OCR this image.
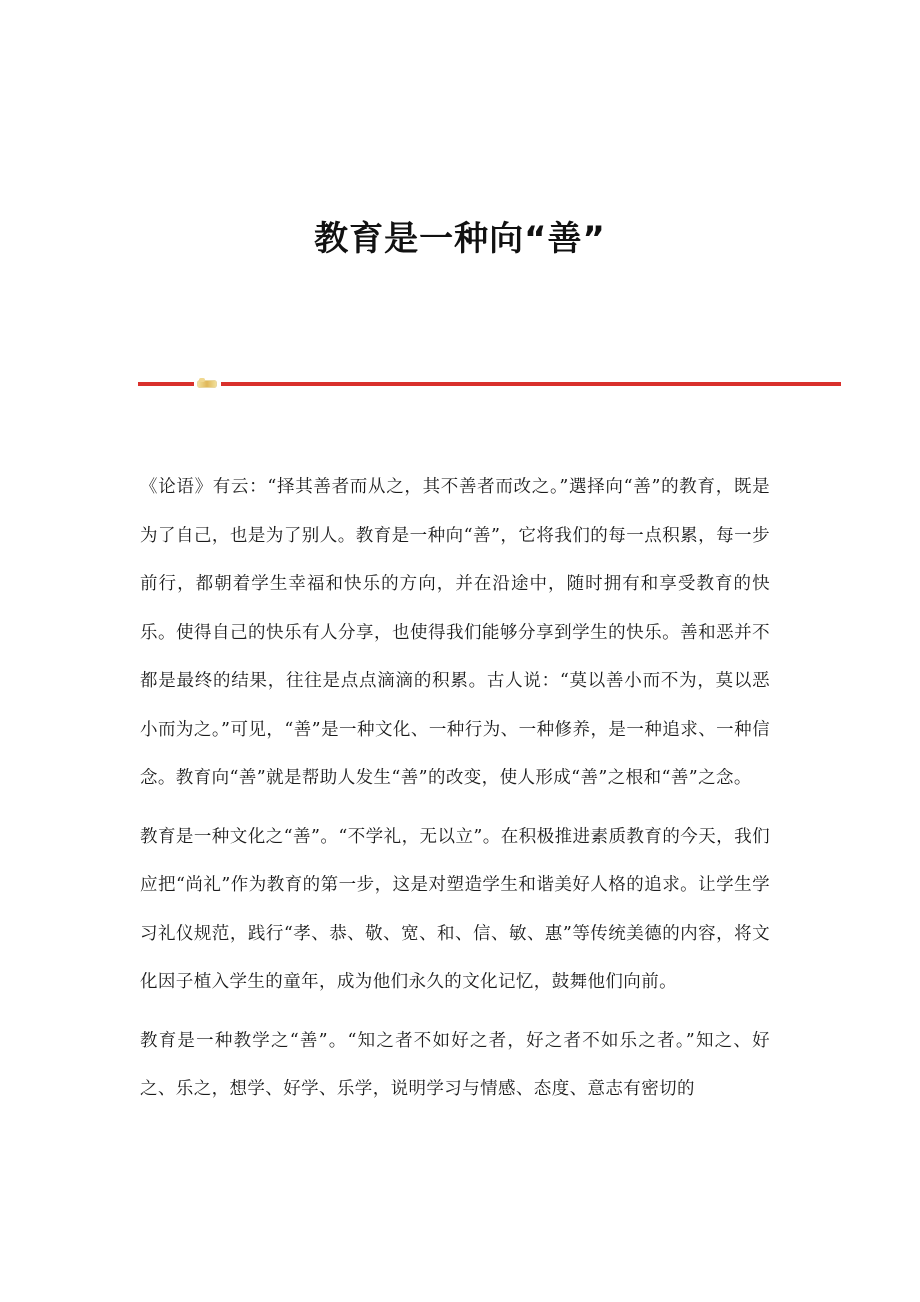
教育是一种向“善”

《论语》有云：“择其善者而从之，其不善者而改之。”選择向“善”的教育，既是为了自己，也是为了别人。教育是一种向“善”，它将我们的每一点积累，每一步前行，都朝着学生幸福和快乐的方向，并在沿途中，随时拥有和享受教育的快乐。使得自己的快乐有人分享，也使得我们能够分享到学生的快乐。善和恶并不都是最终的结果，往往是点点滴滴的积累。古人说：“莫以善小而不为，莫以恶小而为之。”可见，“善”是一种文化、一种行为、一种修养，是一种追求、一种信念。教育向“善”就是帮助人发生“善”的改变，使人形成“善”之根和“善”之念。

教育是一种文化之“善”。“不学礼，无以立”。在积极推进素质教育的今天，我们应把“尚礼”作为教育的第一步，这是对塑造学生和谐美好人格的追求。让学生学习礼仪规范，践行“孝、恭、敬、宽、和、信、敏、惠”等传统美德的内容，将文化因子植入学生的童年，成为他们永久的文化记忆，鼓舞他们向前。

教育是一种教学之“善”。“知之者不如好之者，好之者不如乐之者。”知之、好之、乐之，想学、好学、乐学，说明学习与情感、态度、意志有密切的
